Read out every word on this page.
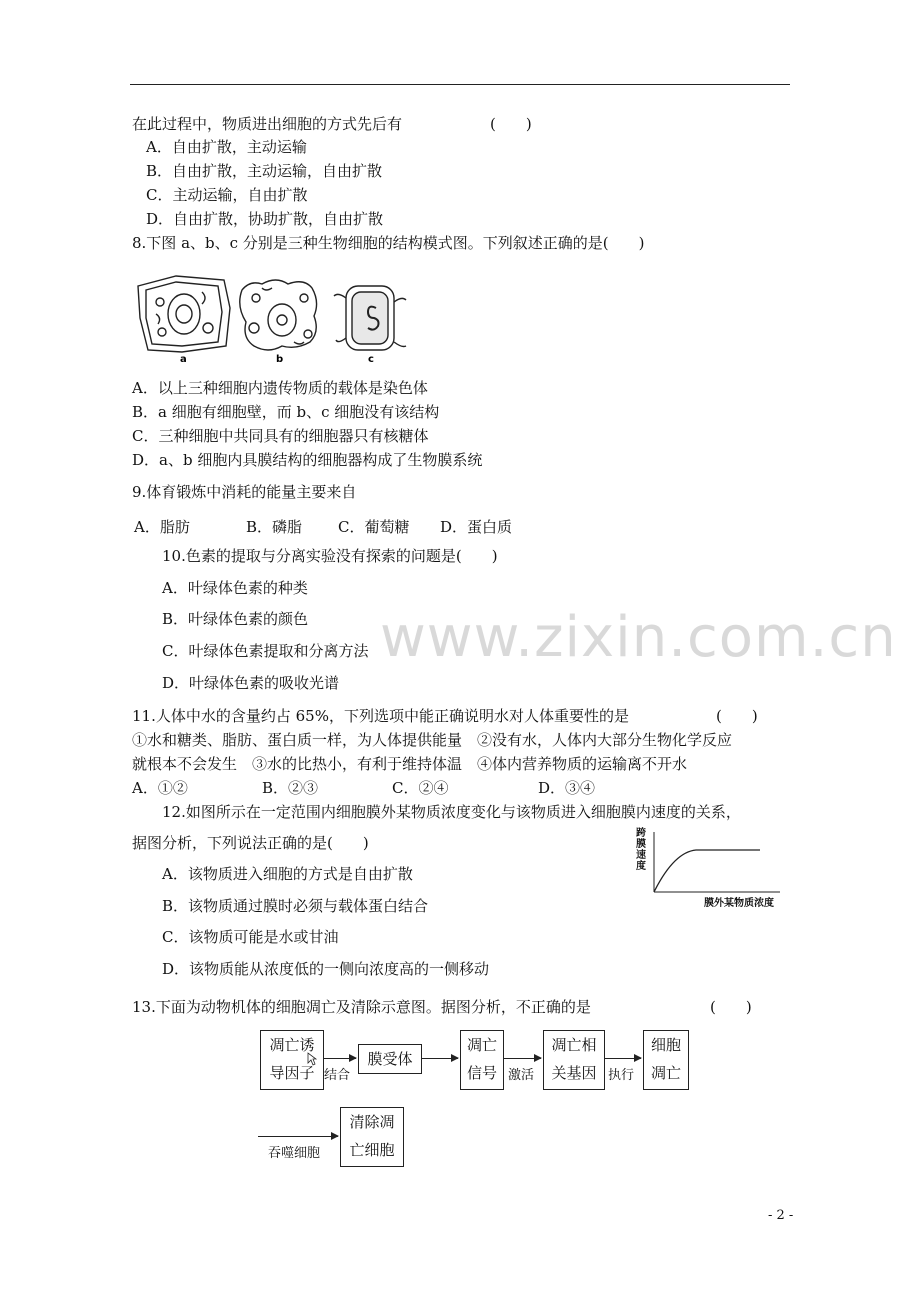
www.zixin.com.cn
在此过程中，物质进出细胞的方式先后有	(　　)
A．自由扩散，主动运输
B．自由扩散，主动运输，自由扩散
C．主动运输，自由扩散
D．自由扩散，协助扩散，自由扩散
8.下图 a、b、c 分别是三种生物细胞的结构模式图。下列叙述正确的是(　　)
a	b	c
A．以上三种细胞内遗传物质的载体是染色体
B．a 细胞有细胞壁，而 b、c 细胞没有该结构
C．三种细胞中共同具有的细胞器只有核糖体
D．a、b 细胞内具膜结构的细胞器构成了生物膜系统
9.体育锻炼中消耗的能量主要来自
A．脂肪	B．磷脂 C．葡萄糖 D．蛋白质
10.色素的提取与分离实验没有探索的问题是(　　)
A．叶绿体色素的种类
B．叶绿体色素的颜色
C．叶绿体色素提取和分离方法
D．叶绿体色素的吸收光谱
11.人体中水的含量约占 65%，下列选项中能正确说明水对人体重要性的是	(　　)
①水和糖类、脂肪、蛋白质一样，为人体提供能量　②没有水，人体内大部分生物化学反应
就根本不会发生　③水的比热小，有利于维持体温　④体内营养物质的运输离不开水
A．①②	B．②③	C．②④	D．③④
12.如图所示在一定范围内细胞膜外某物质浓度变化与该物质进入细胞膜内速度的关系，
据图分析，下列说法正确的是(　　)
A．该物质进入细胞的方式是自由扩散
B．该物质通过膜时必须与载体蛋白结合
C．该物质可能是水或甘油
D．该物质能从浓度低的一侧向浓度高的一侧移动
跨
膜
速
度
膜外某物质浓度
13.下面为动物机体的细胞凋亡及清除示意图。据图分析，不正确的是	(　　)
凋亡诱
导因子 结合
膜受体
凋亡
信号 激活
凋亡相
关基因 执行
细胞
凋亡
吞噬细胞
清除凋
亡细胞
- 2 -
